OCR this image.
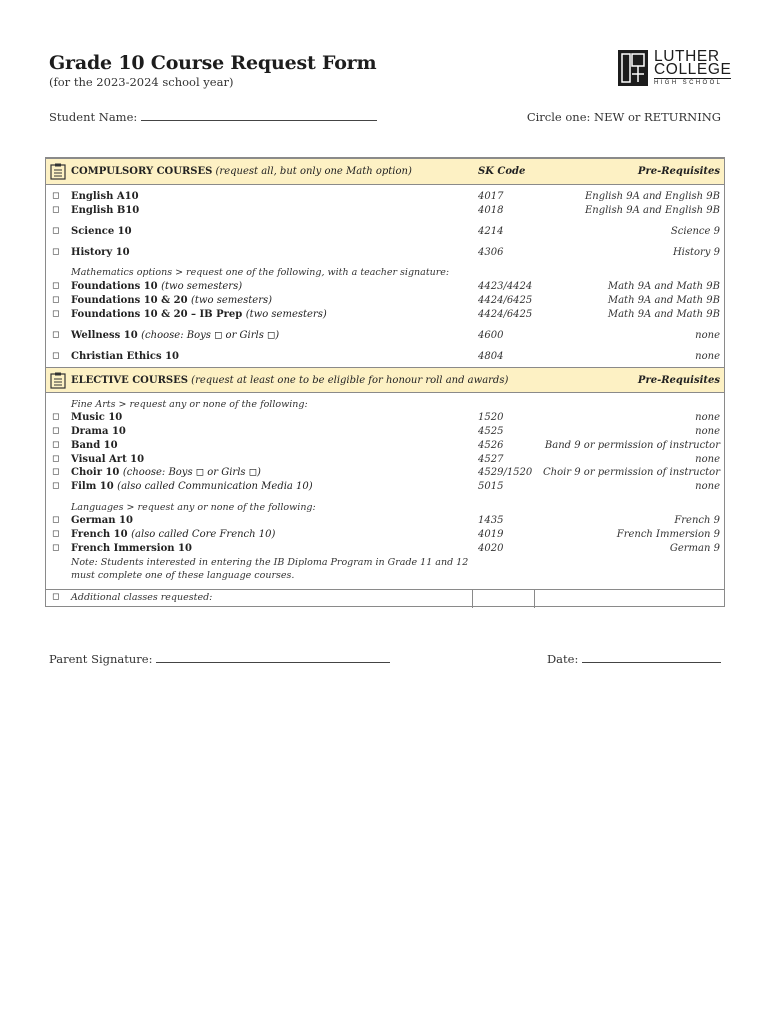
Grade 10 Course Request Form
(for the 2023-2024 school year)
LUTHER
COLLEGE
HIGH SCHOOL
Student Name:	Circle one: NEW or RETURNING
COMPULSORY COURSES (request all, but only one Math option)	SK Code	Pre-Requisites
◻ English A10	4017	English 9A and English 9B
◻ English B10	4018	English 9A and English 9B
◻ Science 10	4214	Science 9
◻ History 10	4306	History 9
Mathematics options > request one of the following, with a teacher signature:
◻ Foundations 10 (two semesters)	4423/4424	Math 9A and Math 9B
◻ Foundations 10 & 20 (two semesters)	4424/6425	Math 9A and Math 9B
◻ Foundations 10 & 20 – IB Prep (two semesters)	4424/6425	Math 9A and Math 9B
◻ Wellness 10 (choose: Boys ◻ or Girls ◻)	4600	none
◻ Christian Ethics 10	4804	none
ELECTIVE COURSES (request at least one to be eligible for honour roll and awards)	Pre-Requisites
Fine Arts > request any or none of the following:
◻ Music 10	1520	none
◻ Drama 10	4525	none
◻ Band 10	4526	Band 9 or permission of instructor
◻ Visual Art 10	4527	none
◻ Choir 10 (choose: Boys ◻ or Girls ◻)	4529/1520 Choir 9 or permission of instructor
◻ Film 10 (also called Communication Media 10)	5015	none
Languages > request any or none of the following:
◻ German 10	1435	French 9
◻ French 10 (also called Core French 10)	4019	French Immersion 9
◻ French Immersion 10	4020	German 9
Note: Students interested in entering the IB Diploma Program in Grade 11 and 12
must complete one of these language courses.
◻ Additional classes requested:
Parent Signature:	Date:
